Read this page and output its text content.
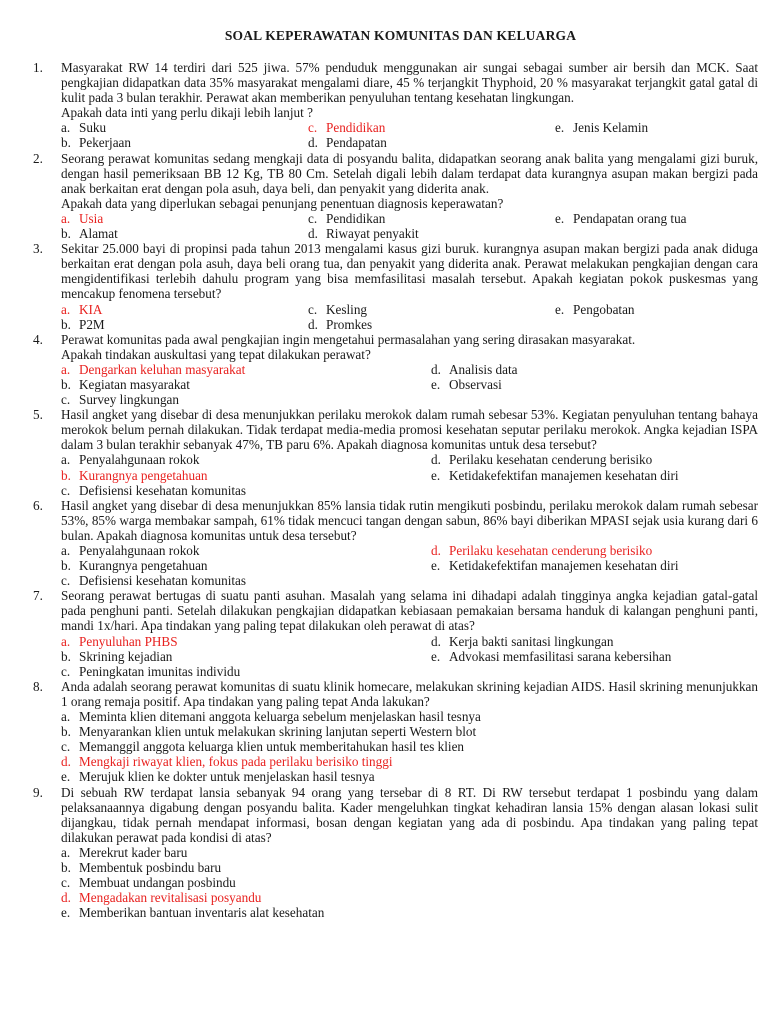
SOAL KEPERAWATAN KOMUNITAS DAN KELUARGA
1.	Masyarakat RW 14 terdiri dari 525 jiwa. 57% penduduk menggunakan air sungai sebagai sumber air bersih dan MCK. Saat pengkajian didapatkan data 35% masyarakat mengalami diare, 45 % terjangkit Thyphoid, 20 % masyarakat terjangkit gatal gatal di kulit pada 3 bulan terakhir. Perawat akan memberikan penyuluhan tentang kesehatan lingkungan.
Apakah data inti yang perlu dikaji lebih lanjut ?
a. Suku	c. Pendidikan	e. Jenis Kelamin
b. Pekerjaan	d. Pendapatan
2.	Seorang perawat komunitas sedang mengkaji data di posyandu balita, didapatkan seorang anak balita yang mengalami gizi buruk, dengan hasil pemeriksaan BB 12 Kg, TB 80 Cm. Setelah digali lebih dalam terdapat data kurangnya asupan makan bergizi pada anak berkaitan erat dengan pola asuh, daya beli, dan penyakit yang diderita anak.
Apakah data yang diperlukan sebagai penunjang penentuan diagnosis keperawatan?
a. Usia	c. Pendidikan	e. Pendapatan orang tua
b. Alamat	d. Riwayat penyakit
3.	Sekitar 25.000 bayi di propinsi pada tahun 2013 mengalami kasus gizi buruk. kurangnya asupan makan bergizi pada anak diduga berkaitan erat dengan pola asuh, daya beli orang tua, dan penyakit yang diderita anak. Perawat melakukan pengkajian dengan cara mengidentifikasi terlebih dahulu program yang bisa memfasilitasi masalah tersebut. Apakah kegiatan pokok puskesmas yang mencakup fenomena tersebut?
a. KIA	c. Kesling	e. Pengobatan
b. P2M	d. Promkes
4.	Perawat komunitas pada awal pengkajian ingin mengetahui permasalahan yang sering dirasakan masyarakat.
Apakah tindakan auskultasi yang tepat dilakukan perawat?
a. Dengarkan keluhan masyarakat	d. Analisis data
b. Kegiatan masyarakat	e. Observasi
c. Survey lingkungan
5.	Hasil angket yang disebar di desa menunjukkan perilaku merokok dalam rumah sebesar 53%. Kegiatan penyuluhan tentang bahaya merokok belum pernah dilakukan. Tidak terdapat media-media promosi kesehatan seputar perilaku merokok. Angka kejadian ISPA dalam 3 bulan terakhir sebanyak 47%, TB paru 6%. Apakah diagnosa komunitas untuk desa tersebut?
a. Penyalahgunaan rokok	d. Perilaku kesehatan cenderung berisiko
b. Kurangnya pengetahuan	e. Ketidakefektifan manajemen kesehatan diri
c. Defisiensi kesehatan komunitas
6.	Hasil angket yang disebar di desa menunjukkan 85% lansia tidak rutin mengikuti posbindu, perilaku merokok dalam rumah sebesar 53%, 85% warga membakar sampah, 61% tidak mencuci tangan dengan sabun, 86% bayi diberikan MPASI sejak usia kurang dari 6 bulan. Apakah diagnosa komunitas untuk desa tersebut?
a. Penyalahgunaan rokok	d. Perilaku kesehatan cenderung berisiko
b. Kurangnya pengetahuan	e. Ketidakefektifan manajemen kesehatan diri
c. Defisiensi kesehatan komunitas
7.	Seorang perawat bertugas di suatu panti asuhan. Masalah yang selama ini dihadapi adalah tingginya angka kejadian gatal-gatal pada penghuni panti. Setelah dilakukan pengkajian didapatkan kebiasaan pemakaian bersama handuk di kalangan penghuni panti, mandi 1x/hari. Apa tindakan yang paling tepat dilakukan oleh perawat di atas?
a. Penyuluhan PHBS	d. Kerja bakti sanitasi lingkungan
b. Skrining kejadian	e. Advokasi memfasilitasi sarana kebersihan
c. Peningkatan imunitas individu
8.	Anda adalah seorang perawat komunitas di suatu klinik homecare, melakukan skrining kejadian AIDS. Hasil skrining menunjukkan 1 orang remaja positif. Apa tindakan yang paling tepat Anda lakukan?
a. Meminta klien ditemani anggota keluarga sebelum menjelaskan hasil tesnya
b. Menyarankan klien untuk melakukan skrining lanjutan seperti Western blot
c. Memanggil anggota keluarga klien untuk memberitahukan hasil tes klien
d. Mengkaji riwayat klien, fokus pada perilaku berisiko tinggi
e. Merujuk klien ke dokter untuk menjelaskan hasil tesnya
9.	Di sebuah RW terdapat lansia sebanyak 94 orang yang tersebar di 8 RT. Di RW tersebut terdapat 1 posbindu yang dalam pelaksanaannya digabung dengan posyandu balita. Kader mengeluhkan tingkat kehadiran lansia 15% dengan alasan lokasi sulit dijangkau, tidak pernah mendapat informasi, bosan dengan kegiatan yang ada di posbindu. Apa tindakan yang paling tepat dilakukan perawat pada kondisi di atas?
a. Merekrut kader baru
b. Membentuk posbindu baru
c. Membuat undangan posbindu
d. Mengadakan revitalisasi posyandu
e. Memberikan bantuan inventaris alat kesehatan
